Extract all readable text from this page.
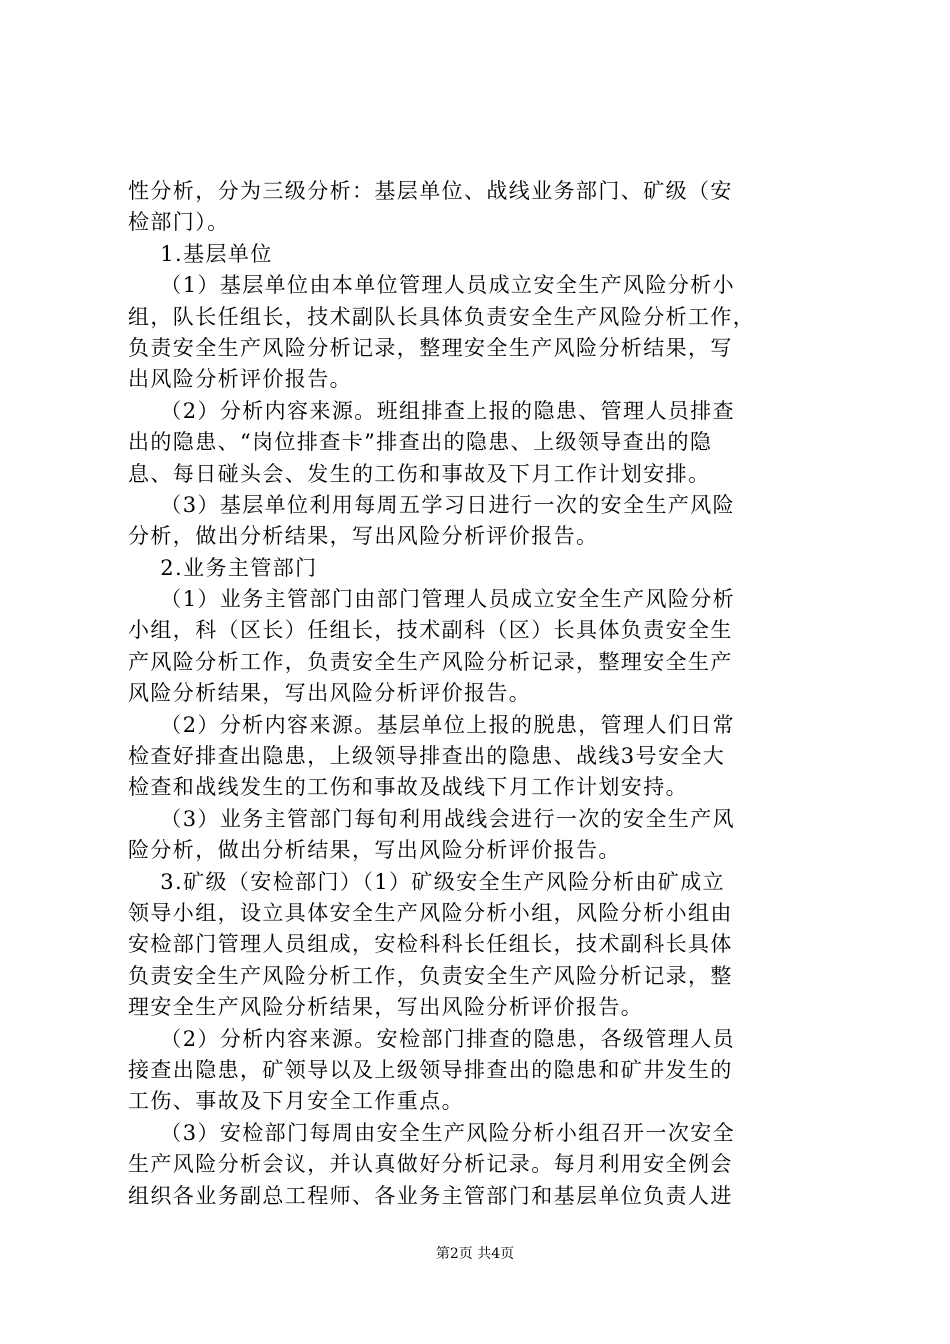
性分析，分为三级分析：基层单位、战线业务部门、矿级（安
检部门）。
1.基层单位
（1）基层单位由本单位管理人员成立安全生产风险分析小
组，队长任组长，技术副队长具体负责安全生产风险分析工作，
负责安全生产风险分析记录，整理安全生产风险分析结果，写
出风险分析评价报告。
（2）分析内容来源。班组排查上报的隐患、管理人员排查
出的隐患、“岗位排查卡”排查出的隐患、上级领导查出的隐
息、每日碰头会、发生的工伤和事故及下月工作计划安排。
（3）基层单位利用每周五学习日进行一次的安全生产风险
分析，做出分析结果，写出风险分析评价报告。
2.业务主管部门
（1）业务主管部门由部门管理人员成立安全生产风险分析
小组，科（区长）任组长，技术副科（区）长具体负责安全生
产风险分析工作，负责安全生产风险分析记录，整理安全生产
风险分析结果，写出风险分析评价报告。
（2）分析内容来源。基层单位上报的脱患，管理人们日常
检查好排查出隐患，上级领导排查出的隐患、战线3号安全大
检查和战线发生的工伤和事故及战线下月工作计划安持。
（3）业务主管部门每旬利用战线会进行一次的安全生产风
险分析，做出分析结果，写出风险分析评价报告。
3.矿级（安检部门）（1）矿级安全生产风险分析由矿成立
领导小组，设立具体安全生产风险分析小组，风险分析小组由
安检部门管理人员组成，安检科科长任组长，技术副科长具体
负责安全生产风险分析工作，负责安全生产风险分析记录，整
理安全生产风险分析结果，写出风险分析评价报告。
（2）分析内容来源。安检部门排查的隐患，各级管理人员
接查出隐患，矿领导以及上级领导排查出的隐患和矿井发生的
工伤、事故及下月安全工作重点。
（3）安检部门每周由安全生产风险分析小组召开一次安全
生产风险分析会议，并认真做好分析记录。每月利用安全例会
组织各业务副总工程师、各业务主管部门和基层单位负责人进
第2页 共4页
